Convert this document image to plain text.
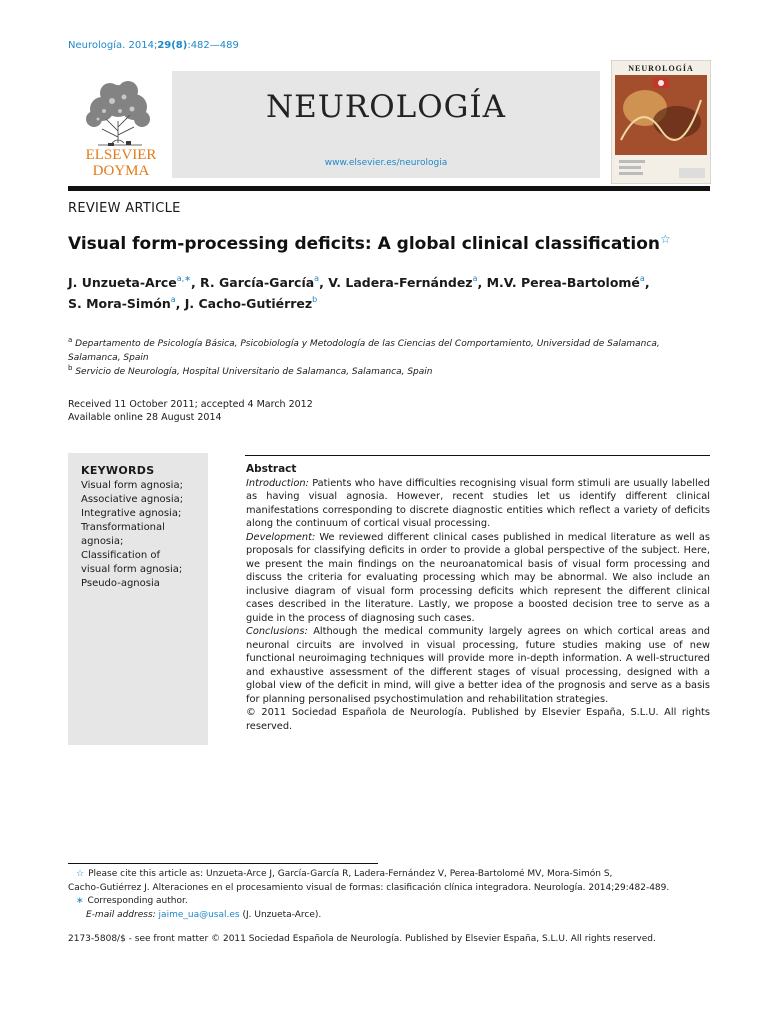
Neurología. 2014;29(8):482—489
ELSEVIER
DOYMA
NEUROLOGÍA
www.elsevier.es/neurologia
NEUROLOGÍA
REVIEW ARTICLE
Visual form-processing deficits: A global clinical classification☆
J. Unzueta-Arce$^{a,∗}$, R. García-García$^a$, V. Ladera-Fernández$^a$, M.V. Perea-Bartolomé$^a$,
S. Mora-Simón$^a$, J. Cacho-Gutiérrez$^b$
$^a$ Departamento de Psicología Básica, Psicobiología y Metodología de las Ciencias del Comportamiento, Universidad de Salamanca, Salamanca, Spain
$^b$ Servicio de Neurología, Hospital Universitario de Salamanca, Salamanca, Spain
Received 11 October 2011; accepted 4 March 2012
Available online 28 August 2014
KEYWORDS
Visual form agnosia;
Associative agnosia;
Integrative agnosia;
Transformational
agnosia;
Classification of
visual form agnosia;
Pseudo-agnosia
Abstract

Introduction: Patients who have difficulties recognising visual form stimuli are usually labelled as having visual agnosia. However, recent studies let us identify different clinical manifestations corresponding to discrete diagnostic entities which reflect a variety of deficits along the continuum of cortical visual processing.

Development: We reviewed different clinical cases published in medical literature as well as proposals for classifying deficits in order to provide a global perspective of the subject. Here, we present the main findings on the neuroanatomical basis of visual form processing and discuss the criteria for evaluating processing which may be abnormal. We also include an inclusive diagram of visual form processing deficits which represent the different clinical cases described in the literature. Lastly, we propose a boosted decision tree to serve as a guide in the process of diagnosing such cases.

Conclusions: Although the medical community largely agrees on which cortical areas and neuronal circuits are involved in visual processing, future studies making use of new functional neuroimaging techniques will provide more in-depth information. A well-structured and exhaustive assessment of the different stages of visual processing, designed with a global view of the deficit in mind, will give a better idea of the prognosis and serve as a basis for planning personalised psychostimulation and rehabilitation strategies.

© 2011 Sociedad Española de Neurología. Published by Elsevier España, S.L.U. All rights reserved.

☆ Please cite this article as: Unzueta-Arce J, García-García R, Ladera-Fernández V, Perea-Bartolomé MV, Mora-Simón S,
Cacho-Gutiérrez J. Alteraciones en el procesamiento visual de formas: clasificación clínica integradora. Neurología. 2014;29:482-489.
∗ Corresponding author.
E-mail address: jaime_ua@usal.es (J. Unzueta-Arce).
2173-5808/$ - see front matter © 2011 Sociedad Española de Neurología. Published by Elsevier España, S.L.U. All rights reserved.
